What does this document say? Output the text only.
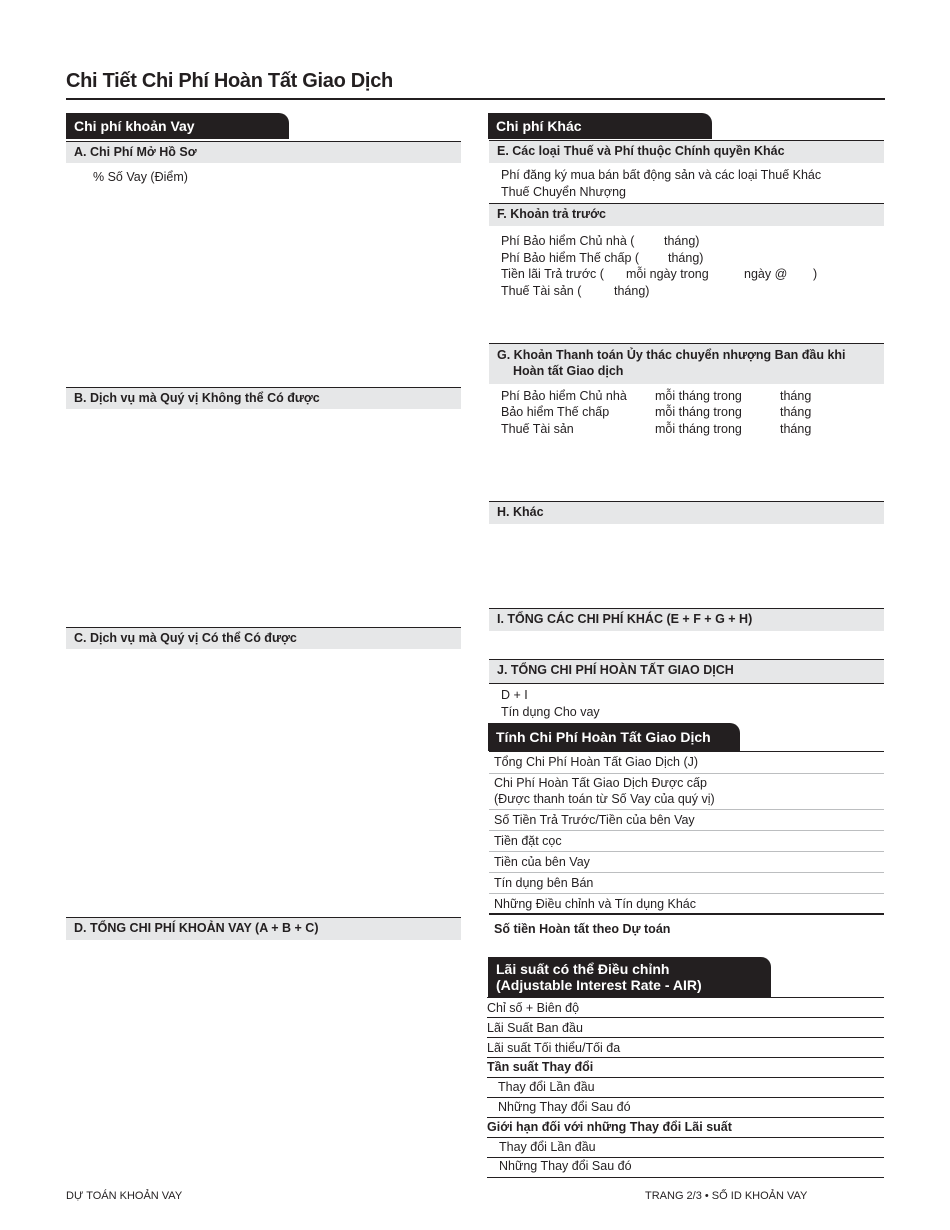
Chi Tiết Chi Phí Hoàn Tất Giao Dịch
Chi phí khoản Vay
A. Chi Phí Mở Hồ Sơ
% Số Vay (Điểm)
B. Dịch vụ mà Quý vị Không thể Có được
C. Dịch vụ mà Quý vị Có thể Có được
D. TỔNG CHI PHÍ KHOẢN VAY (A + B + C)
Chi phí Khác
E. Các loại Thuế và Phí thuộc Chính quyền Khác
Phí đăng ký mua bán bất động sản và các loại Thuế Khác
Thuế Chuyển Nhượng
F. Khoản trả trước
Phí Bảo hiểm Chủ nhà ( tháng)
Phí Bảo hiểm Thế chấp ( tháng)
Tiền lãi Trả trước ( mỗi ngày trong	ngày @ )
Thuế Tài sản (	tháng)
G. Khoản Thanh toán Ủy thác chuyển nhượng Ban đầu khi
Hoàn tất Giao dịch
Phí Bảo hiểm Chủ nhà mỗi tháng trong	tháng
Bảo hiểm Thế chấp	mỗi tháng trong	tháng
Thuế Tài sản	mỗi tháng trong	tháng
H. Khác
I. TỔNG CÁC CHI PHÍ KHÁC (E + F + G + H)
J. TỔNG CHI PHÍ HOÀN TẤT GIAO DỊCH
D + I
Tín dụng Cho vay
Tính Chi Phí Hoàn Tất Giao Dịch
Tổng Chi Phí Hoàn Tất Giao Dịch (J)
Chi Phí Hoàn Tất Giao Dịch Được cấp
(Được thanh toán từ Số Vay của quý vị)
Số Tiền Trả Trước/Tiền của bên Vay
Tiền đặt cọc
Tiền của bên Vay
Tín dụng bên Bán
Những Điều chỉnh và Tín dụng Khác
Số tiền Hoàn tất theo Dự toán
Lãi suất có thể Điều chỉnh
(Adjustable Interest Rate - AIR)
Chỉ số + Biên độ
Lãi Suất Ban đầu
Lãi suất Tối thiểu/Tối đa
Tần suất Thay đổi
Thay đổi Lần đầu
Những Thay đổi Sau đó
Giới hạn đối với những Thay đổi Lãi suất
Thay đổi Lần đầu
Những Thay đổi Sau đó
DỰ TOÁN KHOẢN VAY	TRANG 2/3 • SỐ ID KHOẢN VAY
